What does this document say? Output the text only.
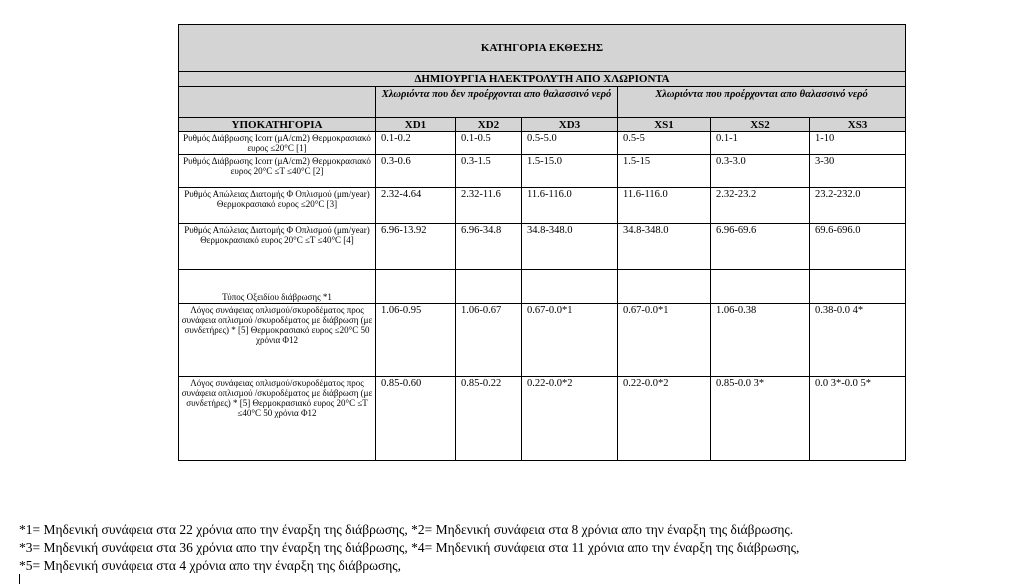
ΚΑΤΗΓΟΡΙΑ ΕΚΘΕΣΗΣ						
ΔΗΜΙΟΥΡΓΙΑ ΗΛΕΚΤΡΟΛΥΤΗ ΑΠΟ ΧΛΩΡΙΟΝΤΑ						
	Χλωριόντα που δεν προέρχονται απο θαλασσινό νερό			Χλωριόντα που προέρχονται απο θαλασσινό νερό		
ΥΠΟΚΑΤΗΓΟΡΙΑ	XD1	XD2	XD3	XS1	XS2	XS3
Ρυθμός Διάβρωσης Icorr (μA/cm2) Θερμοκρασιακό ευρος ≤20°C [1]	0.1-0.2	0.1-0.5	0.5-5.0	0.5-5	0.1-1	1-10
Ρυθμός Διάβρωσης Icorr (μA/cm2) Θερμοκρασιακό ευρος 20°C ≤T ≤40°C [2]	0.3-0.6	0.3-1.5	1.5-15.0	1.5-15	0.3-3.0	3-30
Ρυθμός Απώλειας Διατομής Φ Οπλισμού (μm/year) Θερμοκρασιακό ευρος ≤20°C [3]	2.32-4.64	2.32-11.6	11.6-116.0	11.6-116.0	2.32-23.2	23.2-232.0
Ρυθμός Απώλειας Διατομής Φ Οπλισμού (μm/year) Θερμοκρασιακό ευρος 20°C ≤T ≤40°C [4]	6.96-13.92	6.96-34.8	34.8-348.0	34.8-348.0	6.96-69.6	69.6-696.0
Τύπος Οξειδίου διάβρωσης *1						
Λόγος συνάφειας οπλισμού/σκυροδέματος προς συνάφεια οπλισμού /σκυροδέματος με διάβρωση (με συνδετήρες) * [5] Θερμοκρασιακό ευρος ≤20°C 50 χρόνια Φ12	1.06-0.95	1.06-0.67	0.67-0.0*1	0.67-0.0*1	1.06-0.38	0.38-0.0 4*
Λόγος συνάφειας οπλισμού/σκυροδέματος προς συνάφεια οπλισμού /σκυροδέματος με διάβρωση (με συνδετήρες) * [5] Θερμοκρασιακό ευρος 20°C ≤T ≤40°C 50 χρόνια Φ12	0.85-0.60	0.85-0.22	0.22-0.0*2	0.22-0.0*2	0.85-0.0 3*	0.0 3*-0.0 5*
*1= Μηδενική συνάφεια στα 22 χρόνια απο την έναρξη της διάβρωσης, *2= Μηδενική συνάφεια στα 8 χρόνια απο την έναρξη της διάβρωσης.
*3= Μηδενική συνάφεια στα 36 χρόνια απο την έναρξη της διάβρωσης, *4= Μηδενική συνάφεια στα 11 χρόνια απο την έναρξη της διάβρωσης,
*5= Μηδενική συνάφεια στα 4 χρόνια απο την έναρξη της διάβρωσης,
